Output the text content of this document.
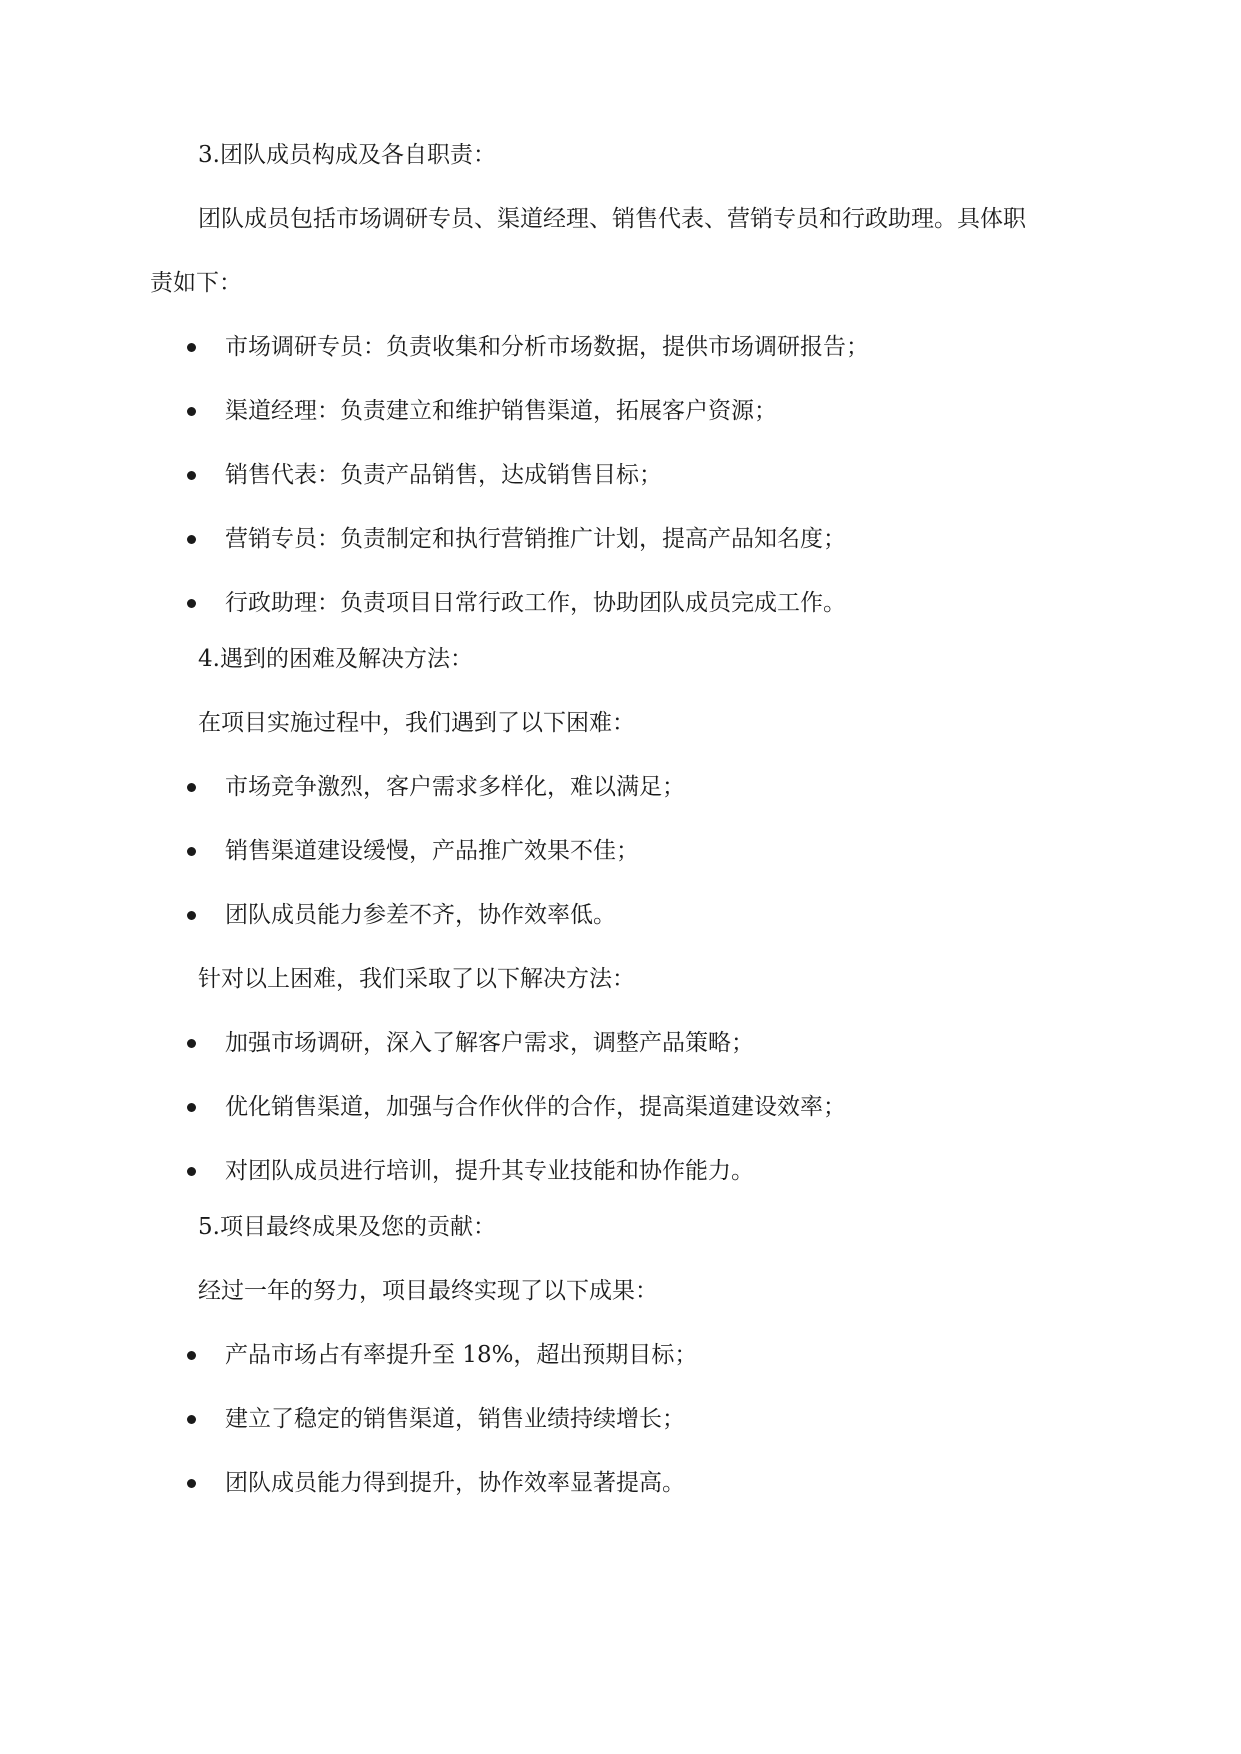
3.团队成员构成及各自职责：
团队成员包括市场调研专员、渠道经理、销售代表、营销专员和行政助理。具体职
责如下：
市场调研专员：负责收集和分析市场数据，提供市场调研报告；
渠道经理：负责建立和维护销售渠道，拓展客户资源；
销售代表：负责产品销售，达成销售目标；
营销专员：负责制定和执行营销推广计划，提高产品知名度；
行政助理：负责项目日常行政工作，协助团队成员完成工作。
4.遇到的困难及解决方法：
在项目实施过程中，我们遇到了以下困难：
市场竞争激烈，客户需求多样化，难以满足；
销售渠道建设缓慢，产品推广效果不佳；
团队成员能力参差不齐，协作效率低。
针对以上困难，我们采取了以下解决方法：
加强市场调研，深入了解客户需求，调整产品策略；
优化销售渠道，加强与合作伙伴的合作，提高渠道建设效率；
对团队成员进行培训，提升其专业技能和协作能力。
5.项目最终成果及您的贡献：
经过一年的努力，项目最终实现了以下成果：
产品市场占有率提升至 18%，超出预期目标；
建立了稳定的销售渠道，销售业绩持续增长；
团队成员能力得到提升，协作效率显著提高。
